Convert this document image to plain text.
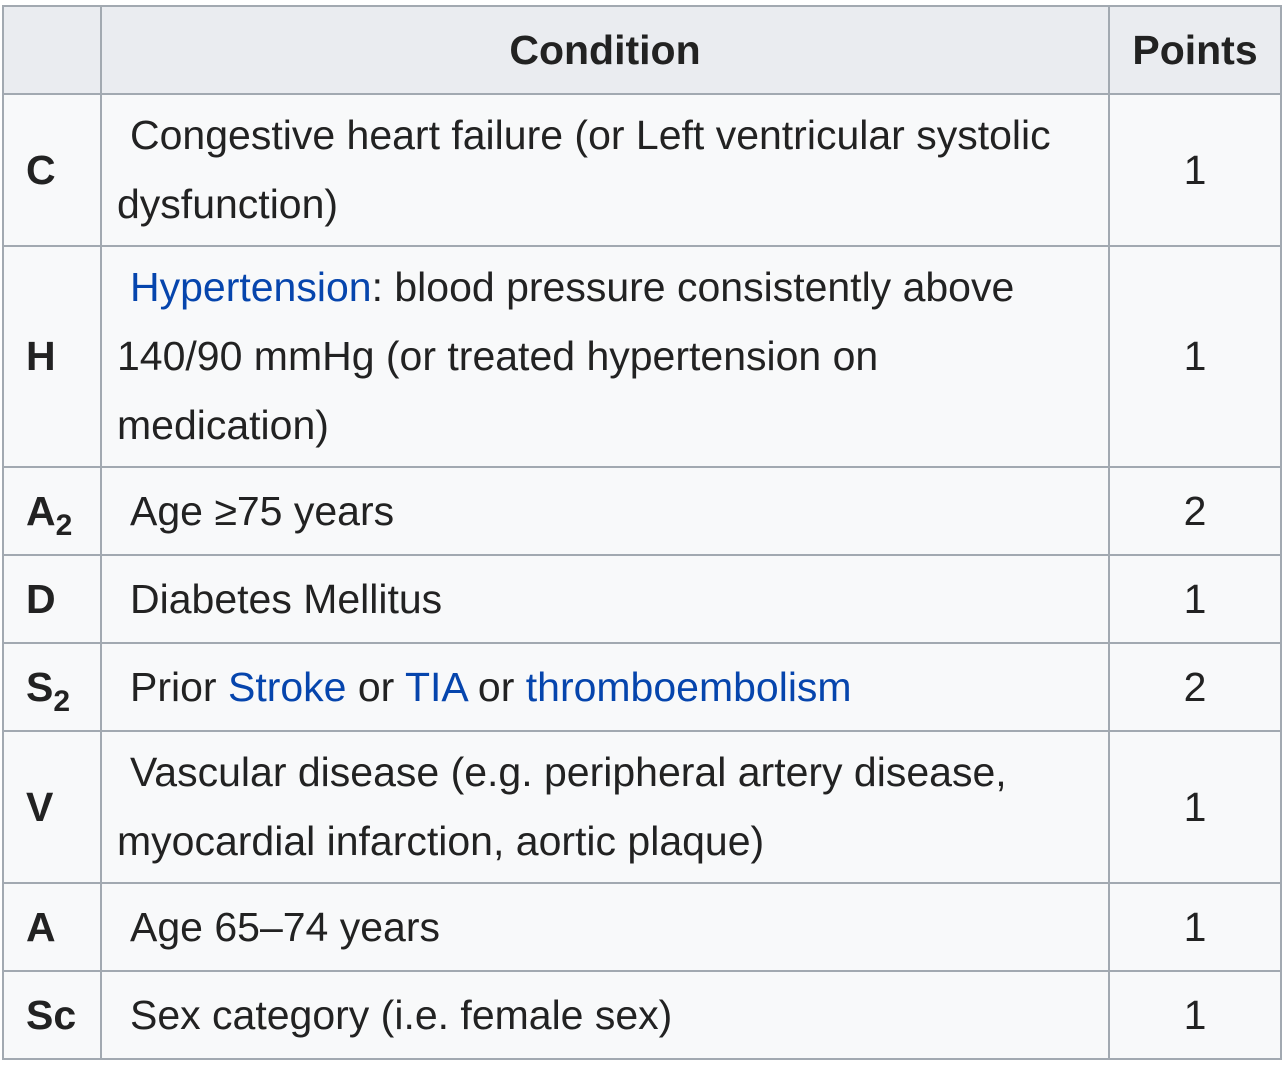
	Condition	Points
C	Congestive heart failure (or Left ventricular systolic dysfunction)	1
H	Hypertension: blood pressure consistently above 140/90 mmHg (or treated hypertension on medication)	1
$A_2$	Age ≥75 years	2
D	Diabetes Mellitus	1
$S_2$	Prior Stroke or TIA or thromboembolism	2
V	Vascular disease (e.g. peripheral artery disease, myocardial infarction, aortic plaque)	1
A	Age 65–74 years	1
Sc	Sex category (i.e. female sex)	1
